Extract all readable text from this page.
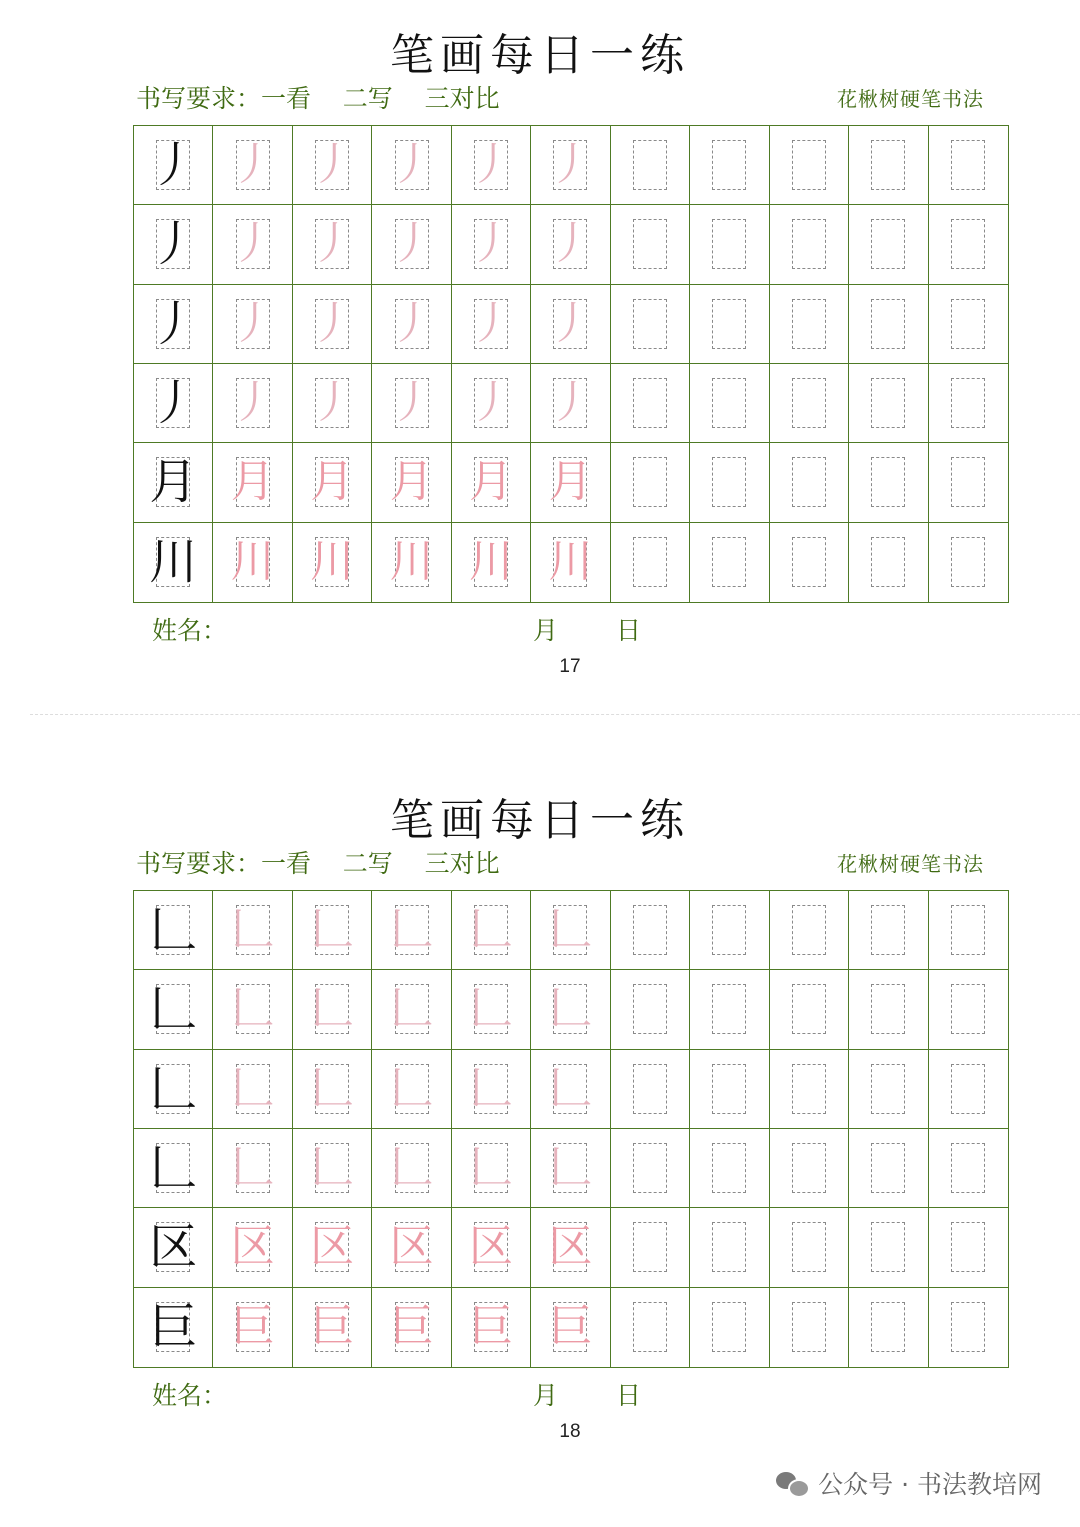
笔画每日一练
书写要求：一看    二写    三对比	花楸树硬笔书法
丿 丿 丿 丿 丿 丿
丿 丿 丿 丿 丿 丿
丿 丿 丿 丿 丿 丿
丿 丿 丿 丿 丿 丿
月 月 月 月 月 月
川 川 川 川 川 川
姓名：	月 日
17
笔画每日一练
书写要求：一看    二写    三对比	花楸树硬笔书法
𠃊 𠃊 𠃊 𠃊 𠃊 𠃊
𠃊 𠃊 𠃊 𠃊 𠃊 𠃊
𠃊 𠃊 𠃊 𠃊 𠃊 𠃊
𠃊 𠃊 𠃊 𠃊 𠃊 𠃊
区 区 区 区 区 区
巨 巨 巨 巨 巨 巨
姓名：	月 日
18
公众号 · 书法教培网
